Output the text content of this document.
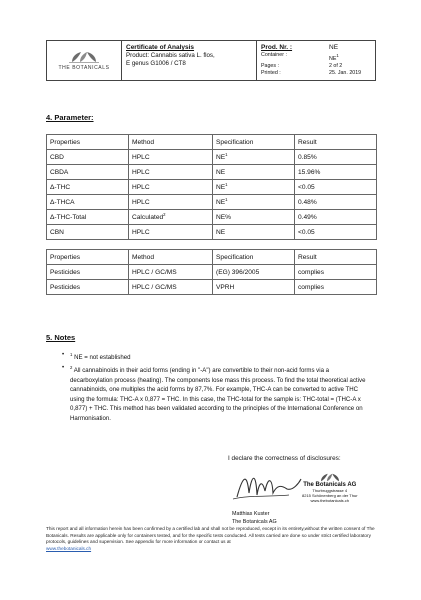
THE BOTANICALS
Certificate of Analysis
Product: Cannabis sativa L. flos,
E genus G1006 / CT8
Prod. Nr. :	NE
Container :
$NE^1$
Pages :	2 of 2
Printed :	25. Jan. 2019
4. Parameter:
Properties	Method	Specification	Result
CBD	HPLC	$NE^1$	0.85%
CBDA	HPLC	NE	15.96%
Δ-THC	HPLC	$NE^1$	<0.05
Δ-THCA	HPLC	$NE^1$	0.48%
Δ-THC-Total	Calculated$^2$	NE%	0.49%
CBN	HPLC	NE	<0.05
Properties	Method	Specification	Result
Pesticides	HPLC / GC/MS	(EG) 396/2005	complies
Pesticides	HPLC / GC/MS	VPRH	complies
5. Notes
• $^1$ NE = not established
• $^2$ All cannabinoids in their acid forms (ending in "-A") are convertible to their non-acid forms via a decarboxylation process (heating). The components lose mass this process. To find the total theoretical active cannabinoids, one multiples the acid forms by 87,7%. For example, THC-A can be converted to active THC using the formula: THC-A x 0,877 = THC. In this case, the THC-total for the sample is: THC-total = (THC-A x 0,877) + THC. This method has been validated according to the principles of the International Conference on Harmonisation.
I declare the correctness of disclosures:
The Botanicals AG
Thurbruggstrasse 4
8215 Schönenberg an der Thur
www.thebotanicals.ch
Matthias Kuster
The Botanicals AG
This report and all information herein has been confirmed by a certified lab and shall not be reproduced, except in its entirety,without the written consent of The Botanicals. Results are applicable only for containers tested, and for the specific tests conducted. All tests carried are done so under strict certified laboratory protocols, guidelines and supervision. See appendix for more information or contact us at
www.thebotanicals.ch
